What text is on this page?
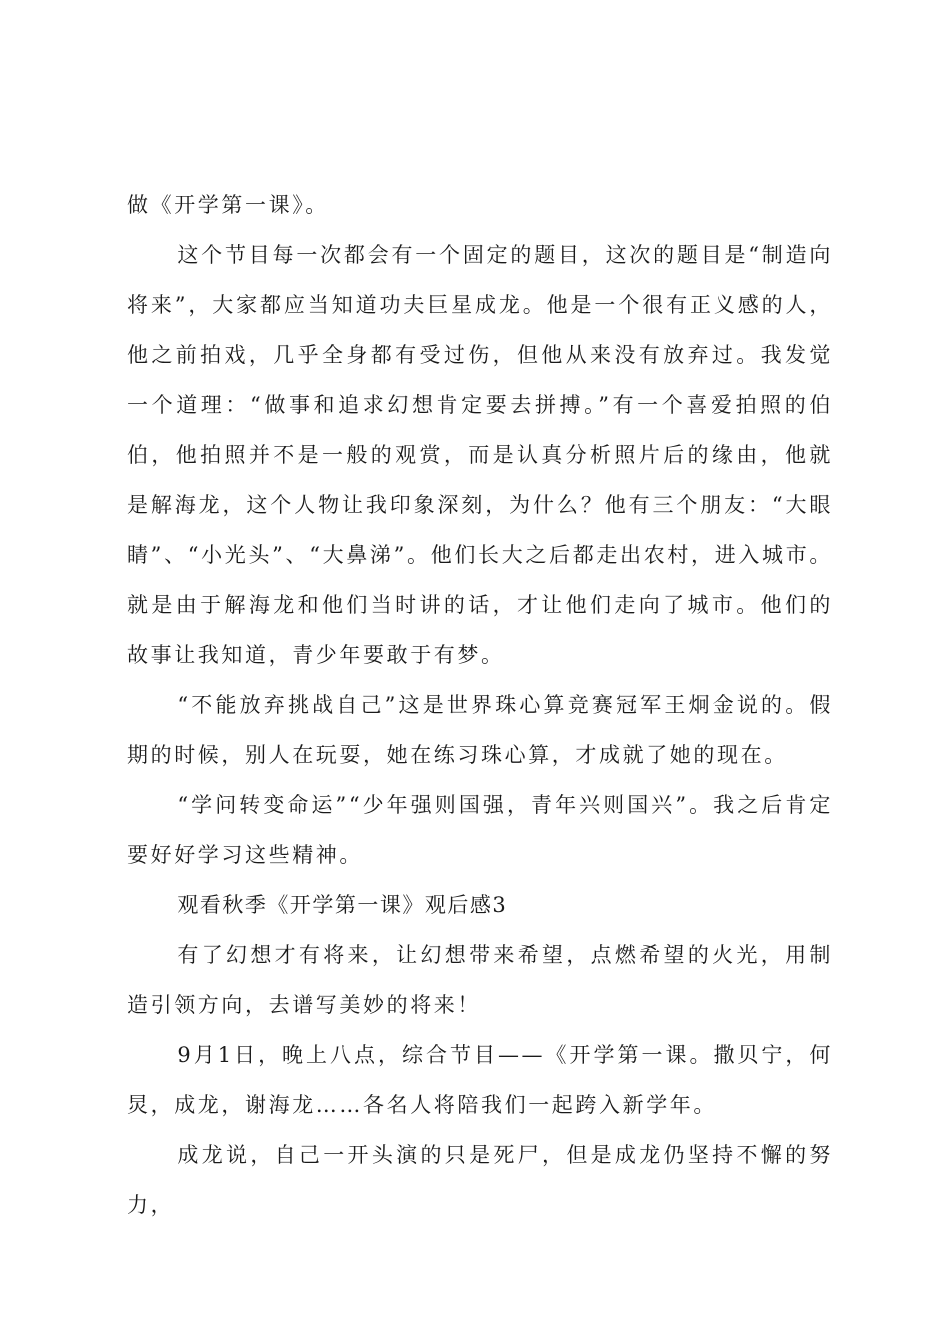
做《开学第一课》。

这个节目每一次都会有一个固定的题目，这次的题目是“制造向将来”，大家都应当知道功夫巨星成龙。他是一个很有正义感的人，他之前拍戏，几乎全身都有受过伤，但他从来没有放弃过。我发觉一个道理：“做事和追求幻想肯定要去拼搏。”有一个喜爱拍照的伯伯，他拍照并不是一般的观赏，而是认真分析照片后的缘由，他就是解海龙，这个人物让我印象深刻，为什么？他有三个朋友：“大眼睛”、“小光头”、“大鼻涕”。他们长大之后都走出农村，进入城市。就是由于解海龙和他们当时讲的话，才让他们走向了城市。他们的故事让我知道，青少年要敢于有梦。

“不能放弃挑战自己”这是世界珠心算竞赛冠军王炯金说的。假期的时候，别人在玩耍，她在练习珠心算，才成就了她的现在。

“学问转变命运”“少年强则国强，青年兴则国兴”。我之后肯定要好好学习这些精神。

观看秋季《开学第一课》观后感3

有了幻想才有将来，让幻想带来希望，点燃希望的火光，用制造引领方向，去谱写美妙的将来！

9月1日，晚上八点，综合节目——《开学第一课。撒贝宁，何炅，成龙，谢海龙……各名人将陪我们一起跨入新学年。

成龙说，自己一开头演的只是死尸，但是成龙仍坚持不懈的努力，
